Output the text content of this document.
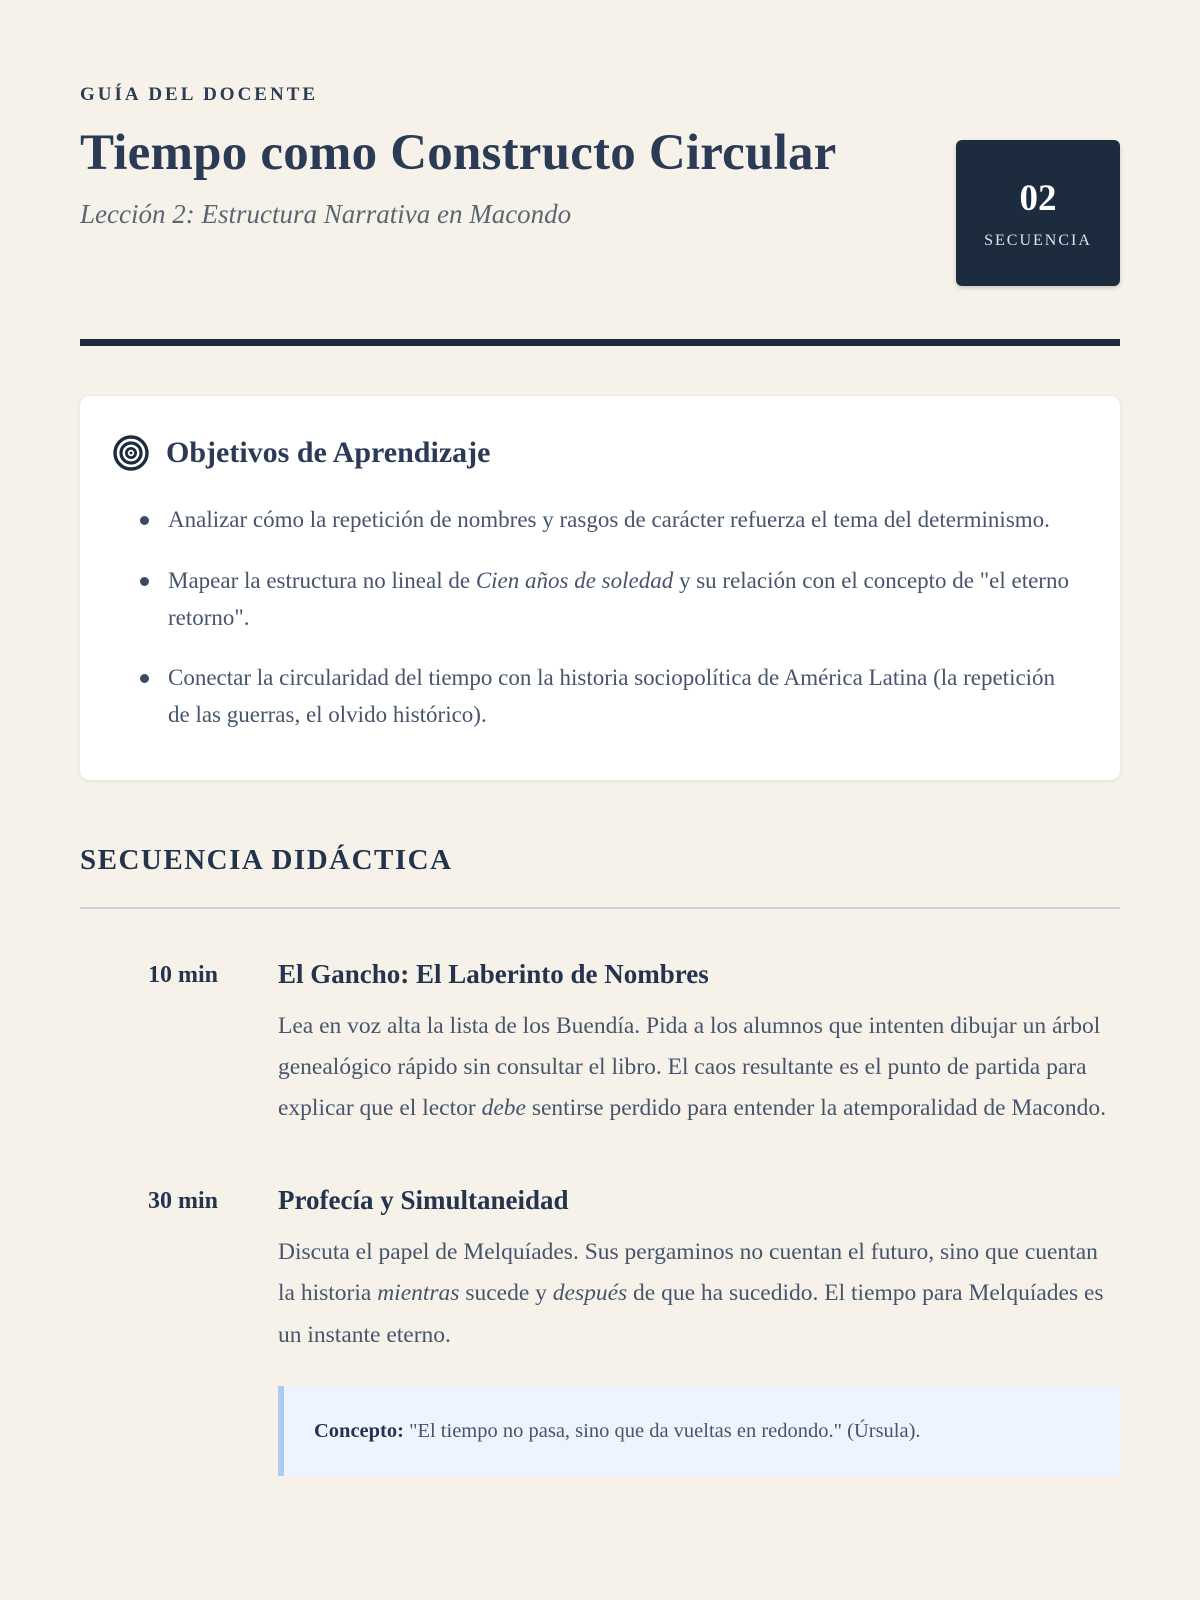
GUÍA DEL DOCENTE
Tiempo como Constructo Circular

Lección 2: Estructura Narrativa en Macondo	02
SECUENCIA
Objetivos de Aprendizaje
Analizar cómo la repetición de nombres y rasgos de carácter refuerza el tema del determinismo.
Mapear la estructura no lineal de Cien años de soledad y su relación con el concepto de "el eterno retorno".
Conectar la circularidad del tiempo con la historia sociopolítica de América Latina (la repetición de las guerras, el olvido histórico).
SECUENCIA DIDÁCTICA
10 min	El Gancho: El Laberinto de Nombres

Lea en voz alta la lista de los Buendía. Pida a los alumnos que intenten dibujar un árbol genealógico rápido sin consultar el libro. El caos resultante es el punto de partida para explicar que el lector debe sentirse perdido para entender la atemporalidad de Macondo.

30 min	Profecía y Simultaneidad

Discuta el papel de Melquíades. Sus pergaminos no cuentan el futuro, sino que cuentan la historia mientras sucede y después de que ha sucedido. El tiempo para Melquíades es un instante eterno.

Concepto: "El tiempo no pasa, sino que da vueltas en redondo." (Úrsula).
